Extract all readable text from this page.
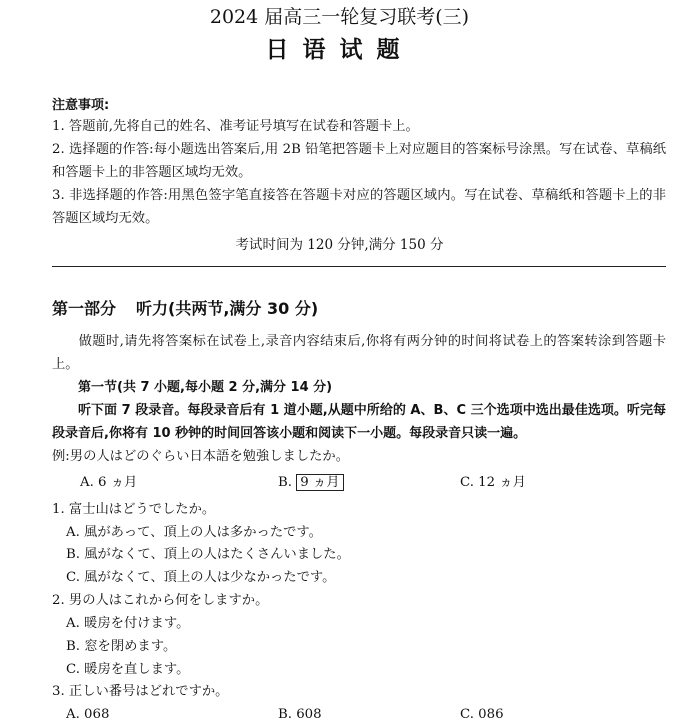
2024 届高三一轮复习联考(三)
日语试题
注意事项:
1. 答题前,先将自己的姓名、准考证号填写在试卷和答题卡上。
2. 选择题的作答:每小题选出答案后,用 2B 铅笔把答题卡上对应题目的答案标号涂黑。写在试卷、草稿纸和答题卡上的非答题区域均无效。
3. 非选择题的作答:用黑色签字笔直接答在答题卡对应的答题区域内。写在试卷、草稿纸和答题卡上的非答题区域均无效。
考试时间为 120 分钟,满分 150 分
第一部分 听力(共两节,满分 30 分)
做题时,请先将答案标在试卷上,录音内容结束后,你将有两分钟的时间将试卷上的答案转涂到答题卡上。
第一节(共 7 小题,每小题 2 分,满分 14 分)
听下面 7 段录音。每段录音后有 1 道小题,从题中所给的 A、B、C 三个选项中选出最佳选项。听完每段录音后,你将有 10 秒钟的时间回答该小题和阅读下一小题。每段录音只读一遍。
例:男の人はどのぐらい日本語を勉強しましたか。
A. 6 ヵ月	B. 9 ヵ月	C. 12 ヵ月
1. 富士山はどうでしたか。
A. 風があって、頂上の人は多かったです。
B. 風がなくて、頂上の人はたくさんいました。
C. 風がなくて、頂上の人は少なかったです。
2. 男の人はこれから何をしますか。
A. 暖房を付けます。
B. 窓を閉めます。
C. 暖房を直します。
3. 正しい番号はどれですか。
A. 068	B. 608	C. 086
